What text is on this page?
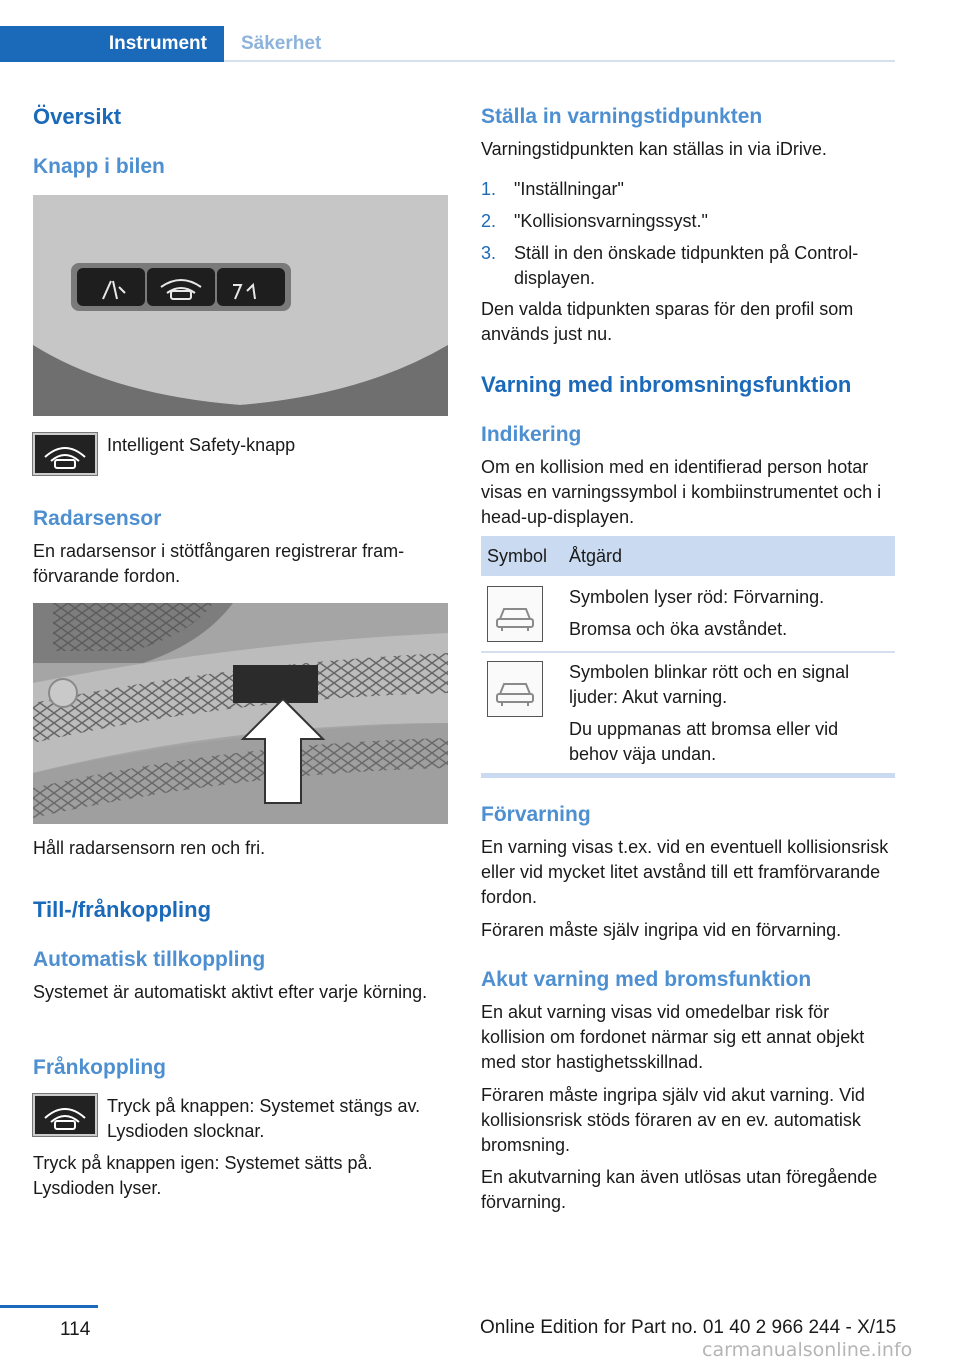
Instrument	Säkerhet
Översikt
Knapp i bilen
Intelligent Safety-knapp
Radarsensor
En radarsensor i stötfångaren registrerar framförvarande fordon.
Håll radarsensorn ren och fri.
Till-/frånkoppling
Automatisk tillkoppling
Systemet är automatiskt aktivt efter varje körning.
Frånkoppling
Tryck på knappen: Systemet stängs av. Lysdioden slocknar.
Tryck på knappen igen: Systemet sätts på. Lysdioden lyser.
Ställa in varningstidpunkten
Varningstidpunkten kan ställas in via iDrive.
1. "Inställningar"
2. "Kollisionsvarningssyst."
3. Ställ in den önskade tidpunkten på Control-displayen.
Den valda tidpunkten sparas för den profil som används just nu.
Varning med inbromsningsfunktion
Indikering
Om en kollision med en identifierad person hotar visas en varningssymbol i kombiinstrumentet och i head-up-displayen.
Symbol Åtgärd
Symbolen lyser röd: Förvarning.
Bromsa och öka avståndet.
Symbolen blinkar rött och en signal ljuder: Akut varning.
Du uppmanas att bromsa eller vid behov väja undan.
Förvarning
En varning visas t.ex. vid en eventuell kollisionsrisk eller vid mycket litet avstånd till ett framförvarande fordon.
Föraren måste själv ingripa vid en förvarning.
Akut varning med bromsfunktion
En akut varning visas vid omedelbar risk för kollision om fordonet närmar sig ett annat objekt med stor hastighetsskillnad.
Föraren måste ingripa själv vid akut varning. Vid kollisionsrisk stöds föraren av en ev. automatisk bromsning.
En akutvarning kan även utlösas utan föregående förvarning.
114	Online Edition for Part no. 01 40 2 966 244 - X/15
carmanualsonline.info
